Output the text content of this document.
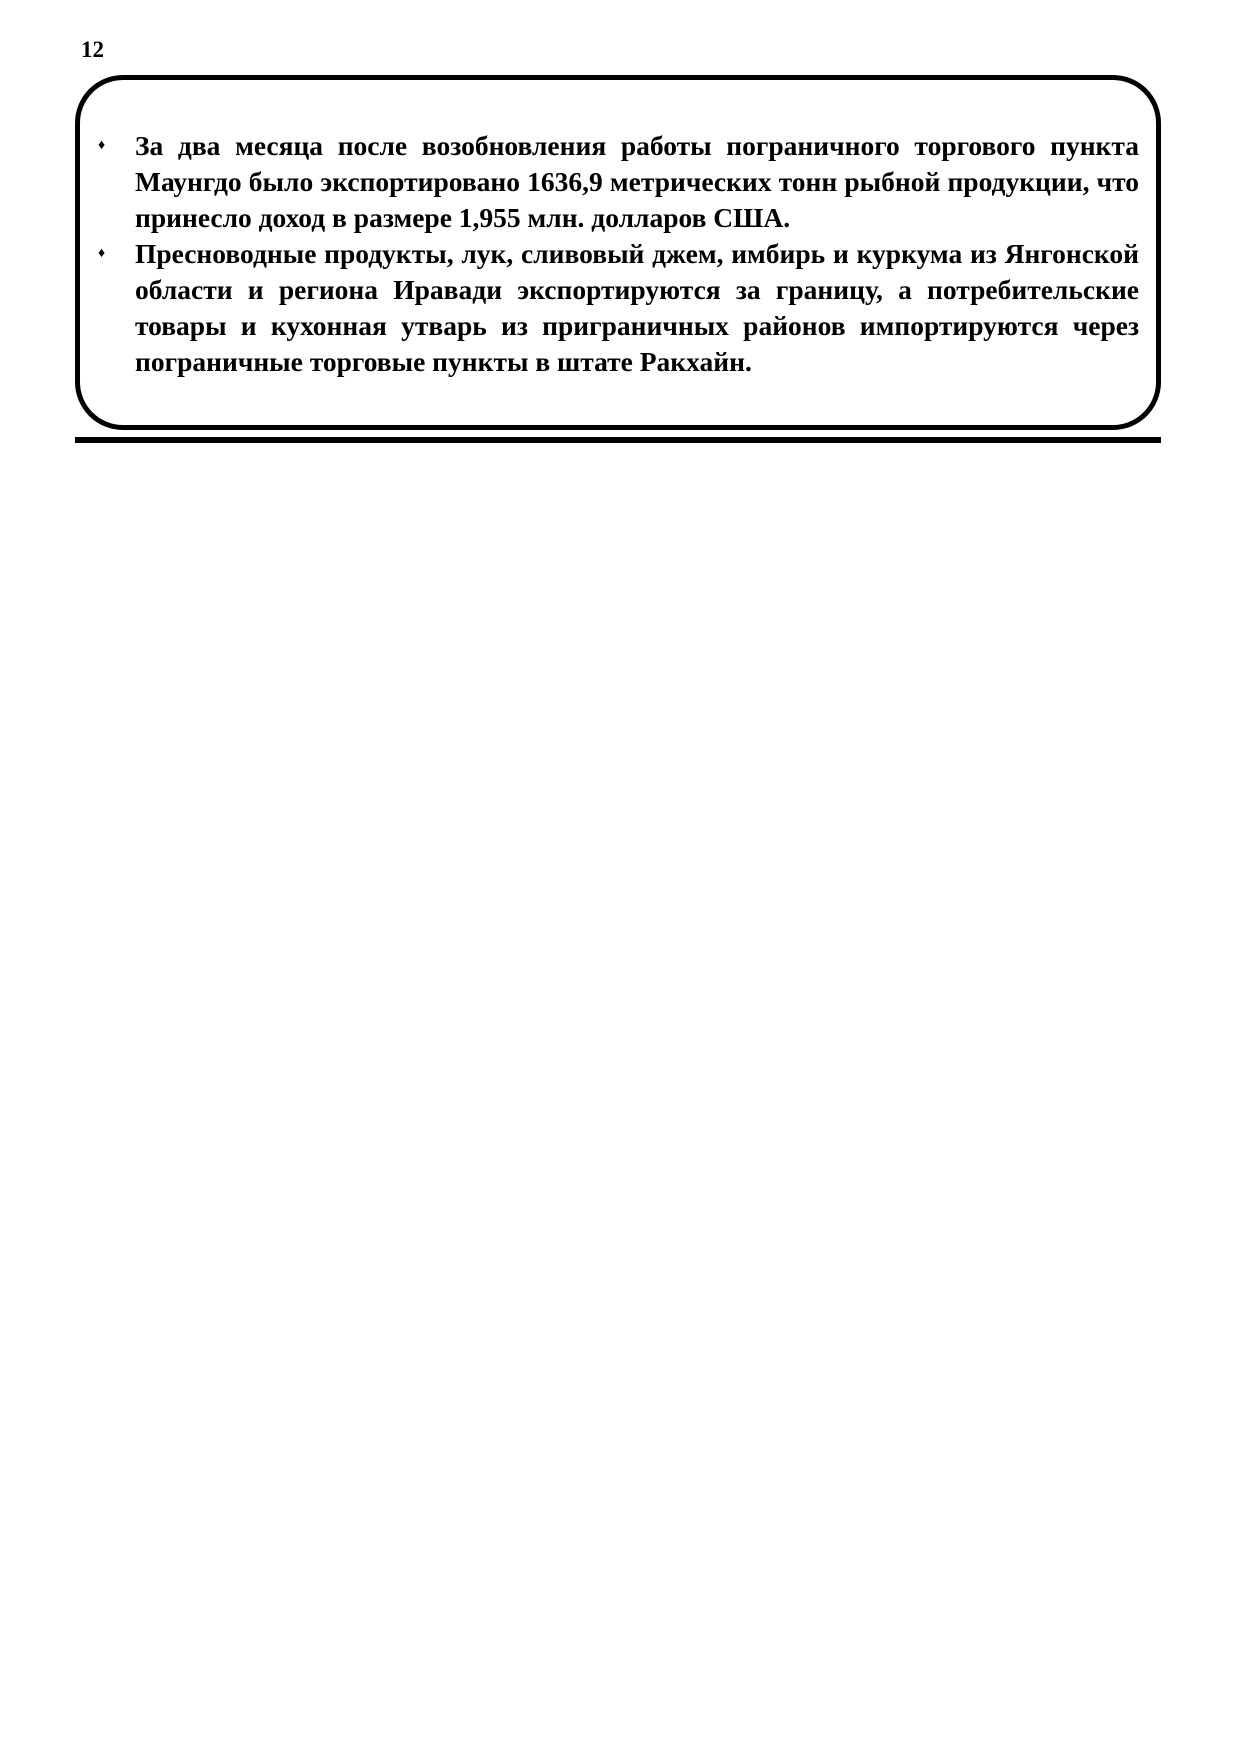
12
♦ За два месяца после возобновления работы пограничного торгового пункта Маунгдо было экспортировано 1636,9 метрических тонн рыбной продукции, что принесло доход в размере 1,955 млн. долларов США.
♦ Пресноводные продукты, лук, сливовый джем, имбирь и куркума из Янгонской области и региона Иравади экспортируются за границу, а потребительские товары и кухонная утварь из приграничных районов импортируются через пограничные торговые пункты в штате Ракхайн.
